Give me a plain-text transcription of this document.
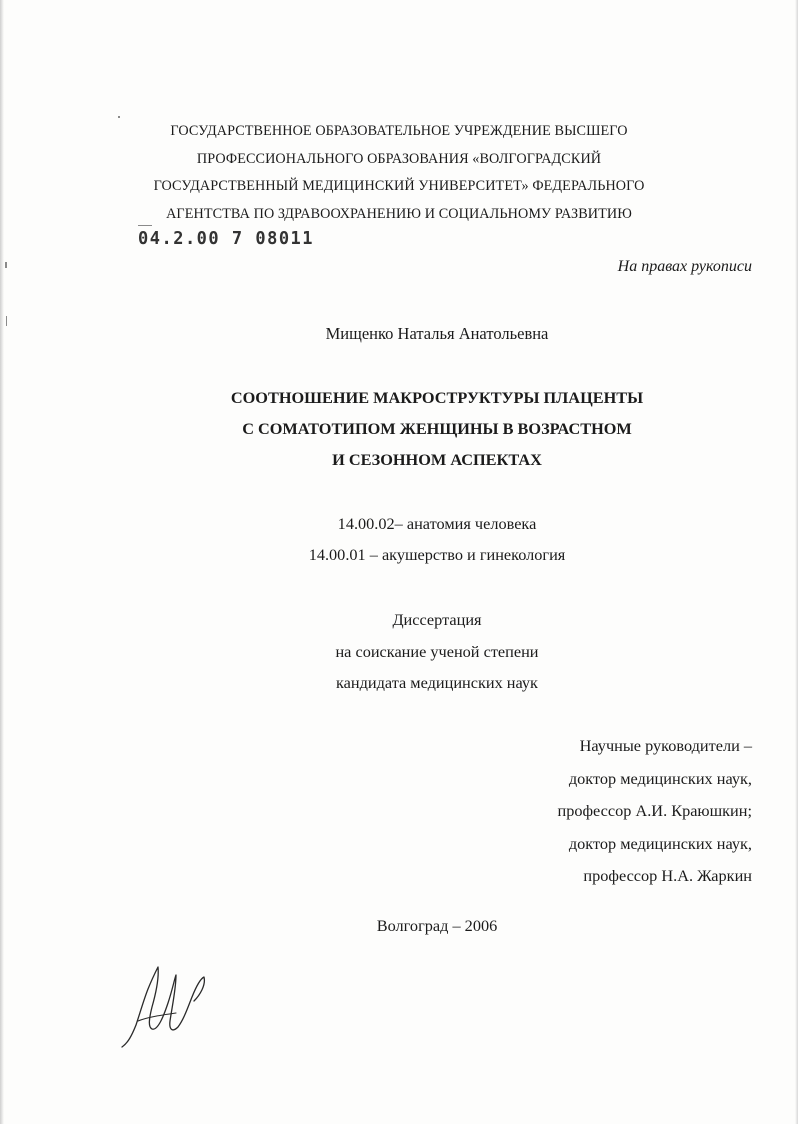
ГОСУДАРСТВЕННОЕ ОБРАЗОВАТЕЛЬНОЕ УЧРЕЖДЕНИЕ ВЫСШЕГО
ПРОФЕССИОНАЛЬНОГО ОБРАЗОВАНИЯ «ВОЛГОГРАДСКИЙ
ГОСУДАРСТВЕННЫЙ МЕДИЦИНСКИЙ УНИВЕРСИТЕТ» ФЕДЕРАЛЬНОГО
АГЕНТСТВА ПО ЗДРАВООХРАНЕНИЮ И СОЦИАЛЬНОМУ РАЗВИТИЮ
04.2.00 7 08011
На правах рукописи
Мищенко Наталья Анатольевна
СООТНОШЕНИЕ МАКРОСТРУКТУРЫ ПЛАЦЕНТЫ
С СОМАТОТИПОМ ЖЕНЩИНЫ В ВОЗРАСТНОМ
И СЕЗОННОМ АСПЕКТАХ
14.00.02– анатомия человека
14.00.01 – акушерство и гинекология
Диссертация
на соискание ученой степени
кандидата медицинских наук
Научные руководители –
доктор медицинских наук,
профессор А.И. Краюшкин;
доктор медицинских наук,
профессор Н.А. Жаркин
Волгоград – 2006
